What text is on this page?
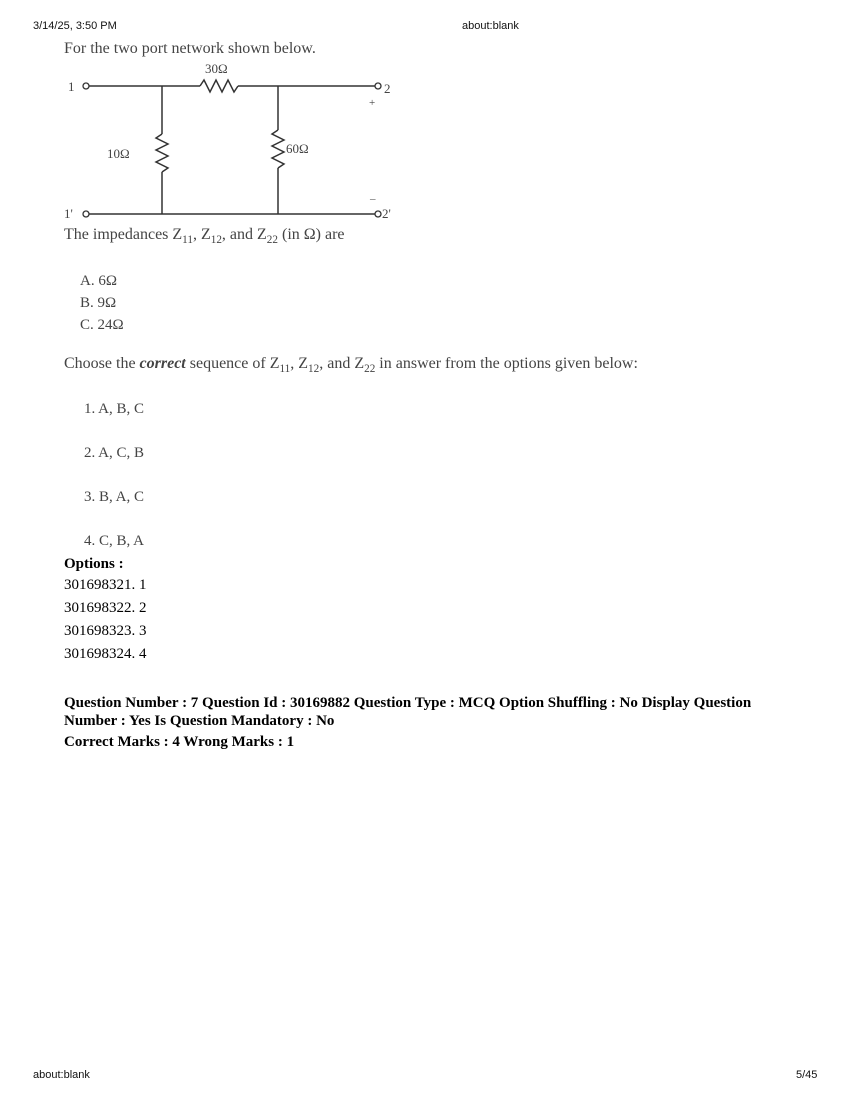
3/14/25, 3:50 PM	about:blank
For the two port network shown below.
30Ω
10Ω	60Ω
1
1'
2
2'
+
–
The impedances $Z_{11}$, $Z_{12}$, and $Z_{22}$ (in Ω) are
A. 6Ω
B. 9Ω
C. 24Ω
Choose the correct sequence of $Z_{11}$, $Z_{12}$, and $Z_{22}$ in answer from the options given below:
1. A, B, C
2. A, C, B
3. B, A, C
4. C, B, A
Options :
301698321. 1
301698322. 2
301698323. 3
301698324. 4
Question Number : 7 Question Id : 30169882 Question Type : MCQ Option Shuffling : No Display Question Number : Yes Is Question Mandatory : No
Correct Marks : 4 Wrong Marks : 1
about:blank	5/45
